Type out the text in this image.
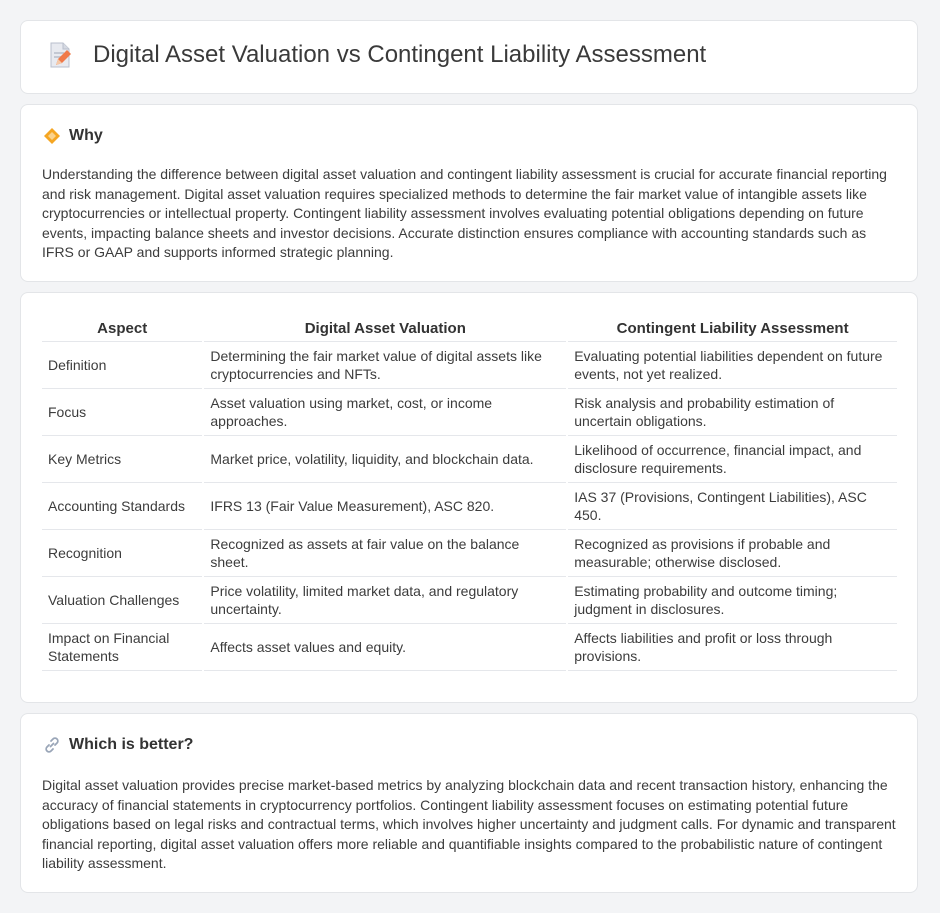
Digital Asset Valuation vs Contingent Liability Assessment
Why
Understanding the difference between digital asset valuation and contingent liability assessment is crucial for accurate financial reporting and risk management. Digital asset valuation requires specialized methods to determine the fair market value of intangible assets like cryptocurrencies or intellectual property. Contingent liability assessment involves evaluating potential obligations depending on future events, impacting balance sheets and investor decisions. Accurate distinction ensures compliance with accounting standards such as IFRS or GAAP and supports informed strategic planning.
Aspect		Digital Asset Valuation		Contingent Liability Assessment
Definition		Determining the fair market value of digital assets like cryptocurrencies and NFTs.		Evaluating potential liabilities dependent on future events, not yet realized.
Focus		Asset valuation using market, cost, or income approaches.		Risk analysis and probability estimation of uncertain obligations.
Key Metrics		Market price, volatility, liquidity, and blockchain data.		Likelihood of occurrence, financial impact, and disclosure requirements.
Accounting Standards		IFRS 13 (Fair Value Measurement), ASC 820.		IAS 37 (Provisions, Contingent Liabilities), ASC 450.
Recognition		Recognized as assets at fair value on the balance sheet.		Recognized as provisions if probable and measurable; otherwise disclosed.
Valuation Challenges		Price volatility, limited market data, and regulatory uncertainty.		Estimating probability and outcome timing; judgment in disclosures.
Impact on Financial Statements		Affects asset values and equity.		Affects liabilities and profit or loss through provisions.
Which is better?
Digital asset valuation provides precise market-based metrics by analyzing blockchain data and recent transaction history, enhancing the accuracy of financial statements in cryptocurrency portfolios. Contingent liability assessment focuses on estimating potential future obligations based on legal risks and contractual terms, which involves higher uncertainty and judgment calls. For dynamic and transparent financial reporting, digital asset valuation offers more reliable and quantifiable insights compared to the probabilistic nature of contingent liability assessment.
